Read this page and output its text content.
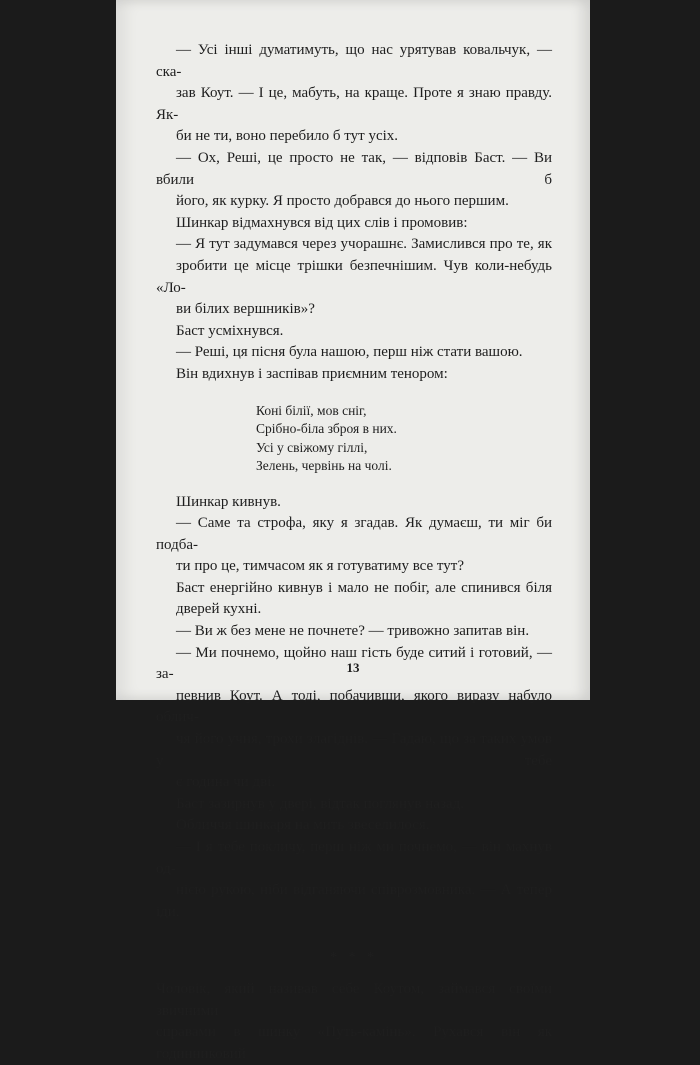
— Усі інші думатимуть, що нас урятував ковальчук, — ска-
зав Коут. — І це, мабуть, на краще. Проте я знаю правду. Як-
би не ти, воно перебило б тут усіх.
— Ох, Реші, це просто не так, — відповів Баст. — Ви вбили б
його, як курку. Я просто добрався до нього першим.
Шинкар відмахнувся від цих слів і промовив:
— Я тут задумався через учорашнє. Замислився про те, як
зробити це місце трішки безпечнішим. Чув коли-небудь «Ло-
ви білих вершників»?
Баст усміхнувся.
— Реші, ця пісня була нашою, перш ніж стати вашою.
Він вдихнув і заспівав приємним тенором:
Коні білії, мов сніг,
Срібно-біла зброя в них.
Усі у свіжому гіллі,
Зелень, червінь на чолі.
Шинкар кивнув.
— Саме та строфа, яку я згадав. Як думаєш, ти міг би подба-
ти про це, тимчасом як я готуватиму все тут?
Баст енергійно кивнув і мало не побіг, але спинився біля
дверей кухні.
— Ви ж без мене не почнете? — тривожно запитав він.
— Ми почнемо, щойно наш гість буде ситий і готовий, — за-
певнив Коут. А тоді, побачивши, якого виразу набуло облич-
чя його учня, трохи злагіднів. — Гадаю, що за таких умов у тебе
є година чи дві.
Баст зазирнув у двері, відтак поглянув назад.
Обличчя шинкаря на мить звеселилося.
— І я тебе покличу, перш ніж ми почнемо, — він махнув од-
нією рукою, ніби відганяючи співрозмовника. — А тепер іди.
* * *
Чоловік, який називав себе Коутом, займався своїми звичними
справами в шинку «Путь-камінь». Рухався він як годинниковий
13
